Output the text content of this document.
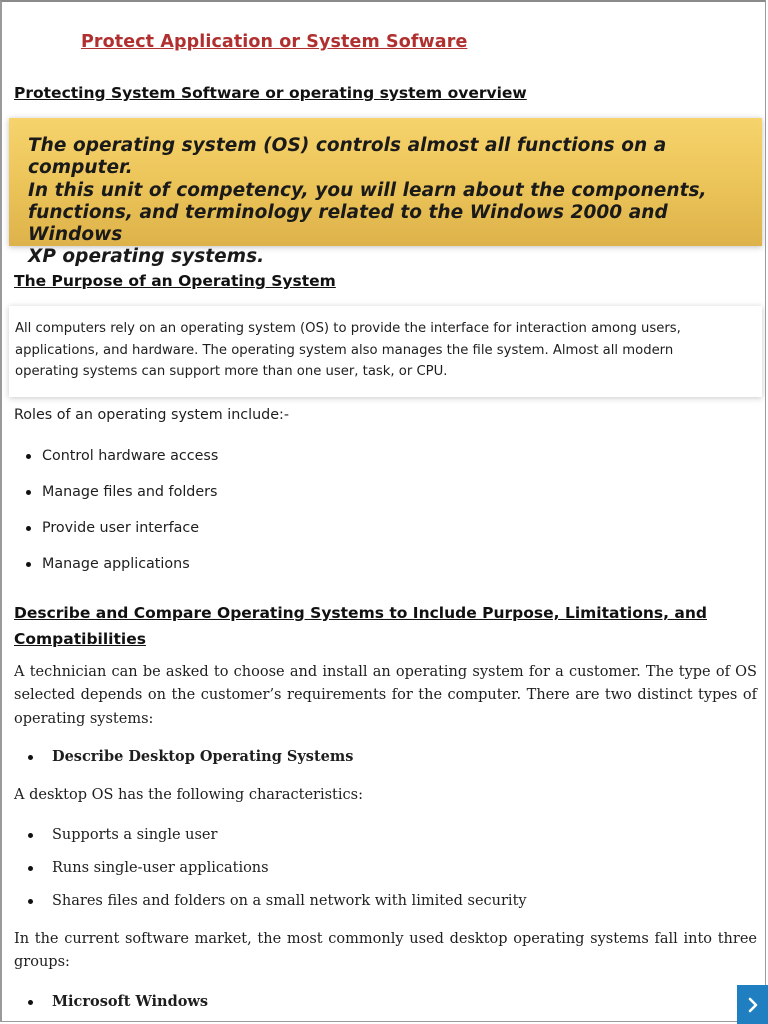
Protect Application or System Sofware
Protecting System Software or operating system overview
The operating system (OS) controls almost all functions on a computer.
In this unit of competency, you will learn about the components,
functions, and terminology related to the Windows 2000 and Windows
XP operating systems.
The Purpose of an Operating System
All computers rely on an operating system (OS) to provide the interface for interaction among users,
applications, and hardware. The operating system also manages the file system. Almost all modern
operating systems can support more than one user, task, or CPU.
Roles of an operating system include:-
Control hardware access
Manage files and folders
Provide user interface
Manage applications
Describe and Compare Operating Systems to Include Purpose, Limitations, and
Compatibilities
A technician can be asked to choose and install an operating system for a customer. The type of OS selected depends on the customer’s requirements for the computer. There are two distinct types of operating systems:
Describe Desktop Operating Systems
A desktop OS has the following characteristics:
Supports a single user
Runs single-user applications
Shares files and folders on a small network with limited security
In the current software market, the most commonly used desktop operating systems fall into three groups:
Microsoft Windows
